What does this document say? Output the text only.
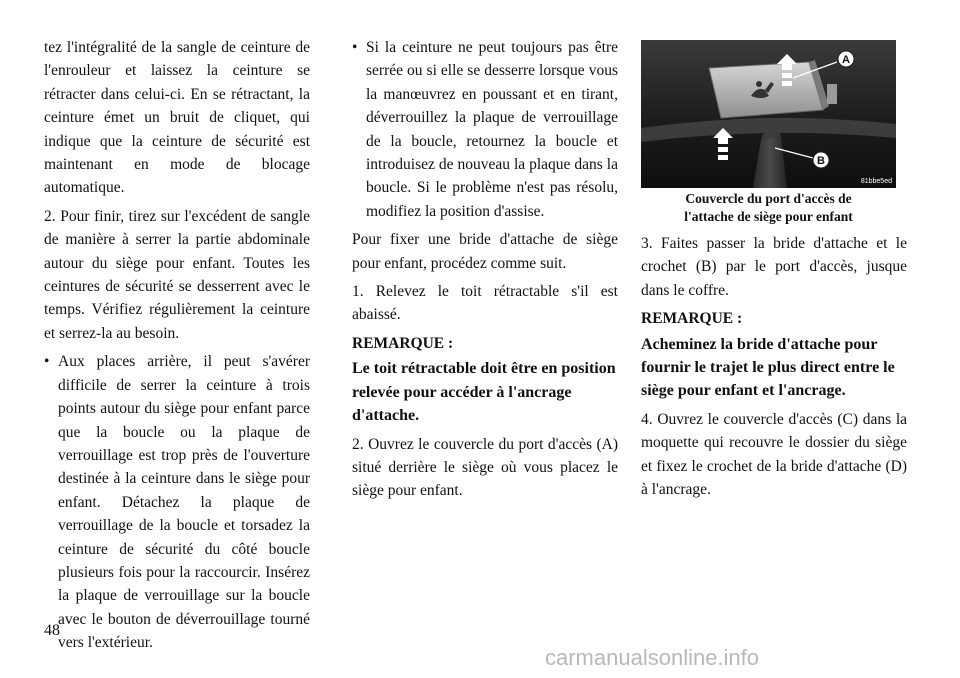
tez l'intégralité de la sangle de ceinture de l'enrouleur et laissez la ceinture se rétracter dans celui-ci. En se rétractant, la ceinture émet un bruit de cliquet, qui indique que la ceinture de sécurité est maintenant en mode de blocage automatique.

2. Pour finir, tirez sur l'excédent de sangle de manière à serrer la partie abdominale autour du siège pour enfant. Toutes les ceintures de sécurité se desserrent avec le temps. Vérifiez régulièrement la ceinture et serrez-la au besoin.

• Aux places arrière, il peut s'avérer difficile de serrer la ceinture à trois points autour du siège pour enfant parce que la boucle ou la plaque de verrouillage est trop près de l'ouverture destinée à la ceinture dans le siège pour enfant. Détachez la plaque de verrouillage de la boucle et torsadez la ceinture de sécurité du côté boucle plusieurs fois pour la raccourcir. Insérez la plaque de verrouillage sur la boucle avec le bouton de déverrouillage tourné vers l'extérieur.
• Si la ceinture ne peut toujours pas être serrée ou si elle se desserre lorsque vous la manœuvrez en poussant et en tirant, déverrouillez la plaque de verrouillage de la boucle, retournez la boucle et introduisez de nouveau la plaque dans la boucle. Si le problème n'est pas résolu, modifiez la position d'assise.

Pour fixer une bride d'attache de siège pour enfant, procédez comme suit.

1. Relevez le toit rétractable s'il est abaissé.

REMARQUE :

Le toit rétractable doit être en position relevée pour accéder à l'ancrage d'attache.

2. Ouvrez le couvercle du port d'accès (A) situé derrière le siège où vous placez le siège pour enfant.

A
B
81bbe5ed
Couvercle du port d'accès de
l'attache de siège pour enfant

3. Faites passer la bride d'attache et le crochet (B) par le port d'accès, jusque dans le coffre.

REMARQUE :

Acheminez la bride d'attache pour fournir le trajet le plus direct entre le siège pour enfant et l'ancrage.

4. Ouvrez le couvercle d'accès (C) dans la moquette qui recouvre le dossier du siège et fixez le crochet de la bride d'attache (D) à l'ancrage.

48
carmanualsonline.info
